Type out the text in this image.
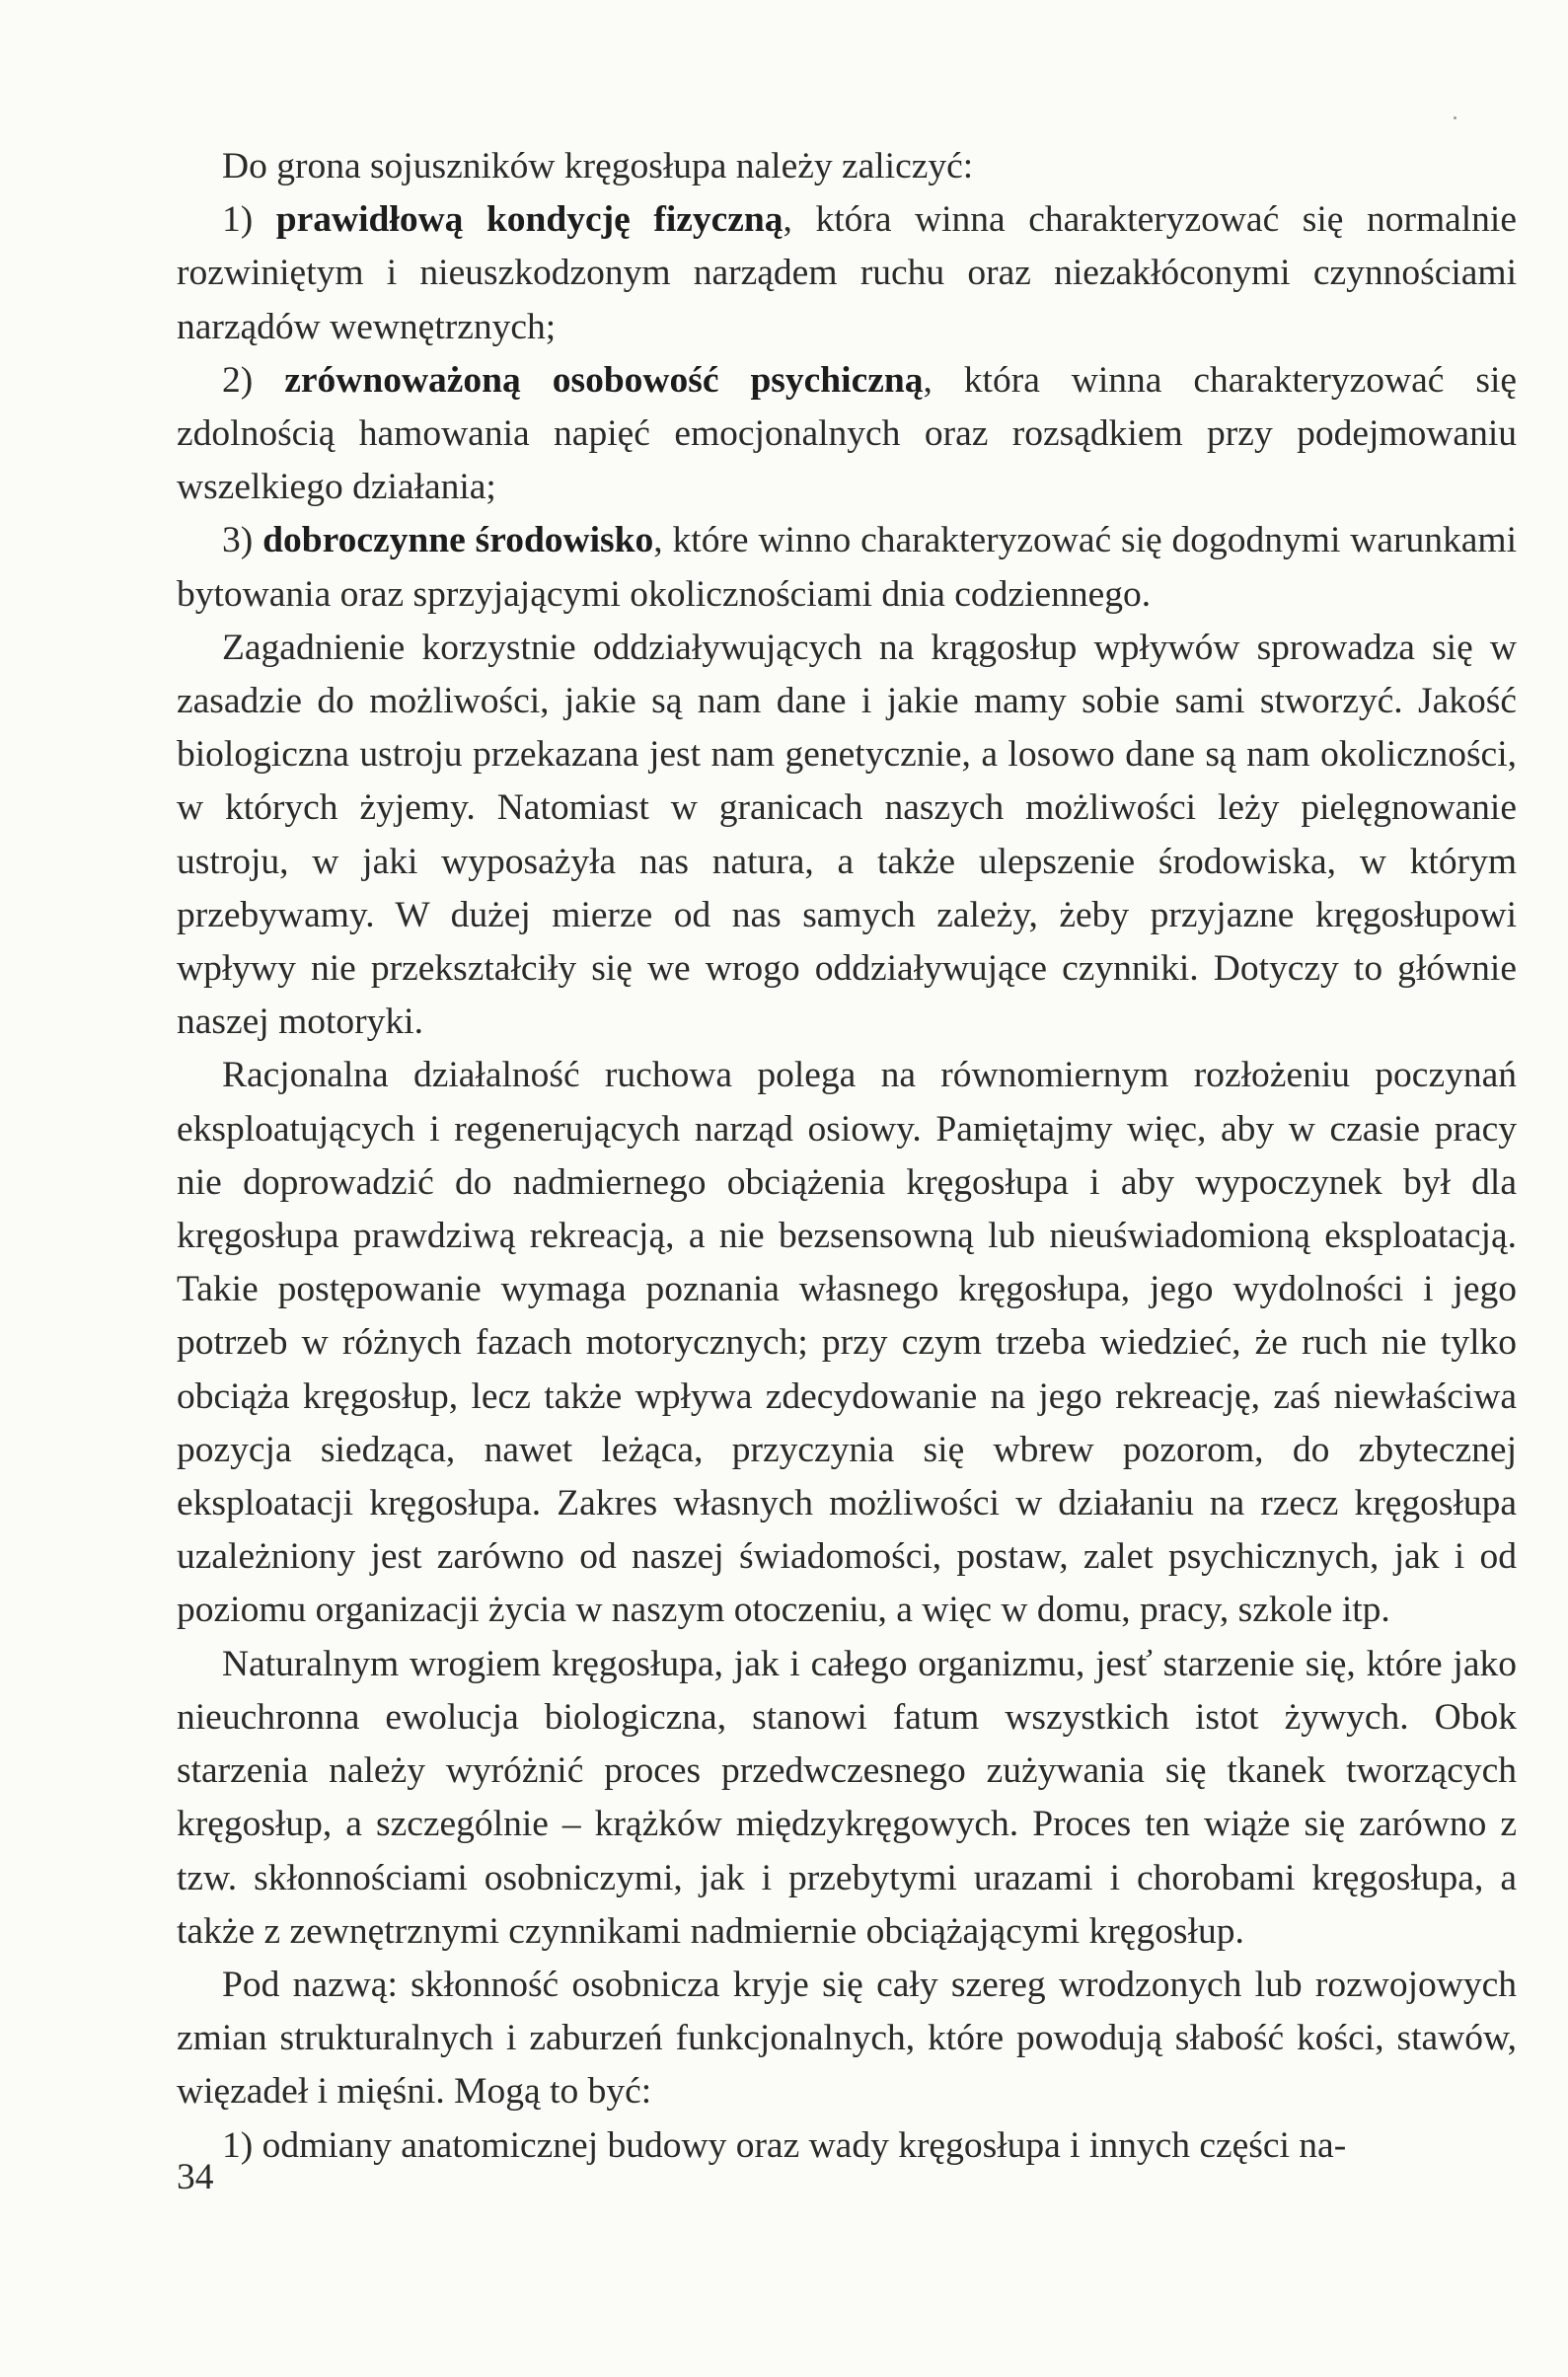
Do grona sojuszników kręgosłupa należy zaliczyć:

1) prawidłową kondycję fizyczną, która winna charakteryzować się normalnie rozwiniętym i nieuszkodzonym narządem ruchu oraz niezakłóconymi czynnościami narządów wewnętrznych;

2) zrównoważoną osobowość psychiczną, która winna charakteryzować się zdolnością hamowania napięć emocjonalnych oraz rozsądkiem przy podejmowaniu wszelkiego działania;

3) dobroczynne środowisko, które winno charakteryzować się dogodnymi warunkami bytowania oraz sprzyjającymi okolicznościami dnia codziennego.

Zagadnienie korzystnie oddziaływujących na krągosłup wpływów sprowadza się w zasadzie do możliwości, jakie są nam dane i jakie mamy sobie sami stworzyć. Jakość biologiczna ustroju przekazana jest nam genetycznie, a losowo dane są nam okoliczności, w których żyjemy. Natomiast w granicach naszych możliwości leży pielęgnowanie ustroju, w jaki wyposażyła nas natura, a także ulepszenie środowiska, w którym przebywamy. W dużej mierze od nas samych zależy, żeby przyjazne kręgosłupowi wpływy nie przekształciły się we wrogo oddziaływujące czynniki. Dotyczy to głównie naszej motoryki.

Racjonalna działalność ruchowa polega na równomiernym rozłożeniu poczynań eksploatujących i regenerujących narząd osiowy. Pamiętajmy więc, aby w czasie pracy nie doprowadzić do nadmiernego obciążenia kręgosłupa i aby wypoczynek był dla kręgosłupa prawdziwą rekreacją, a nie bezsensowną lub nieuświadomioną eksploatacją. Takie postępowanie wymaga poznania własnego kręgosłupa, jego wydolności i jego potrzeb w różnych fazach motorycznych; przy czym trzeba wiedzieć, że ruch nie tylko obciąża kręgosłup, lecz także wpływa zdecydowanie na jego rekreację, zaś niewłaściwa pozycja siedząca, nawet leżąca, przyczynia się wbrew pozorom, do zbytecznej eksploatacji kręgosłupa. Zakres własnych możliwości w działaniu na rzecz kręgosłupa uzależniony jest zarówno od naszej świadomości, postaw, zalet psychicznych, jak i od poziomu organizacji życia w naszym otoczeniu, a więc w domu, pracy, szkole itp.

Naturalnym wrogiem kręgosłupa, jak i całego organizmu, jesť starzenie się, które jako nieuchronna ewolucja biologiczna, stanowi fatum wszystkich istot żywych. Obok starzenia należy wyróżnić proces przedwczesnego zużywania się tkanek tworzących kręgosłup, a szczególnie – krążków międzykręgowych. Proces ten wiąże się zarówno z tzw. skłonnościami osobniczymi, jak i przebytymi urazami i chorobami kręgosłupa, a także z zewnętrznymi czynnikami nadmiernie obciążającymi kręgosłup.

Pod nazwą: skłonność osobnicza kryje się cały szereg wrodzonych lub rozwojowych zmian strukturalnych i zaburzeń funkcjonalnych, które powodują słabość kości, stawów, więzadeł i mięśni. Mogą to być:

1) odmiany anatomicznej budowy oraz wady kręgosłupa i innych części na-

34
